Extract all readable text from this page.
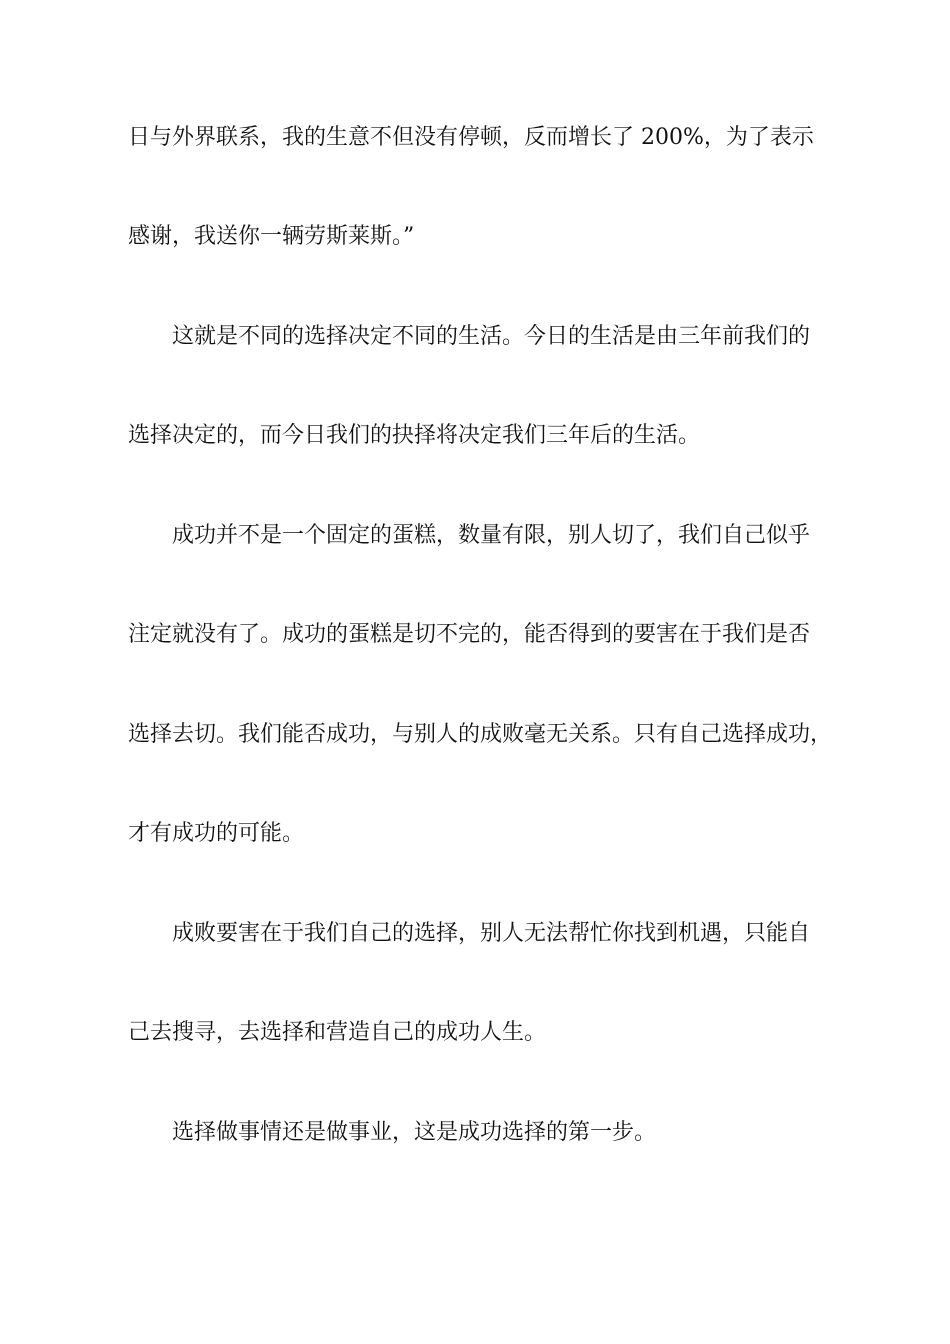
日与外界联系，我的生意不但没有停顿，反而增长了 200%，为了表示
感谢，我送你一辆劳斯莱斯。”
这就是不同的选择决定不同的生活。今日的生活是由三年前我们的
选择决定的，而今日我们的抉择将决定我们三年后的生活。
成功并不是一个固定的蛋糕，数量有限，别人切了，我们自己似乎
注定就没有了。成功的蛋糕是切不完的，能否得到的要害在于我们是否
选择去切。我们能否成功，与别人的成败毫无关系。只有自己选择成功，
才有成功的可能。
成败要害在于我们自己的选择，别人无法帮忙你找到机遇，只能自
己去搜寻，去选择和营造自己的成功人生。
选择做事情还是做事业，这是成功选择的第一步。
